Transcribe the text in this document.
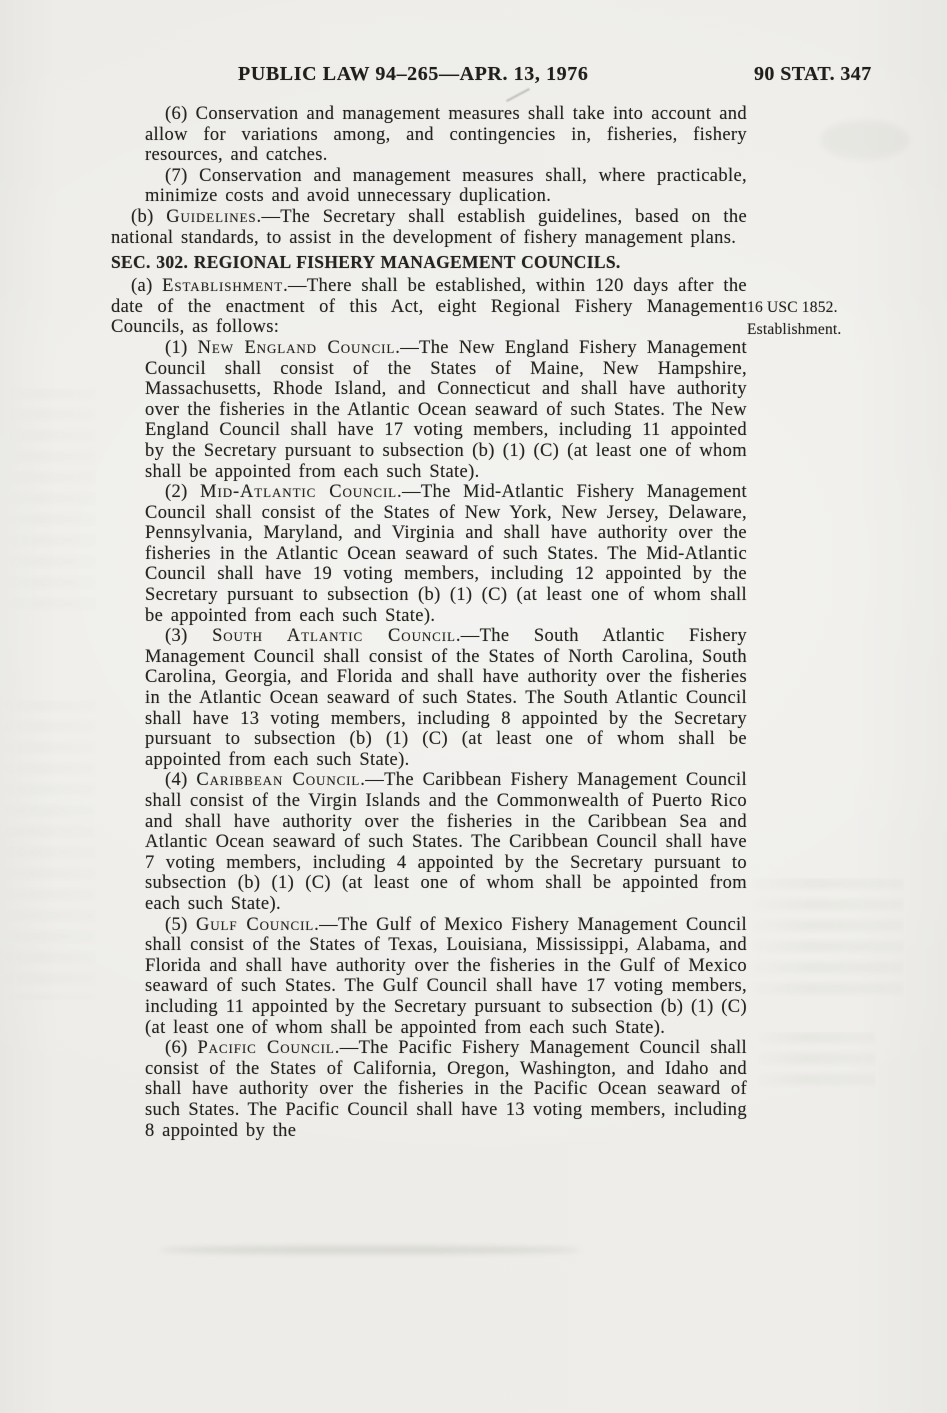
PUBLIC LAW 94–265—APR. 13, 1976	90 STAT. 347

(6) Conservation and management measures shall take into account and allow for variations among, and contingencies in, fisheries, fishery resources, and catches.

(7) Conservation and management measures shall, where practicable, minimize costs and avoid unnecessary duplication.

(b) Guidelines.—The Secretary shall establish guidelines, based on the national standards, to assist in the development of fishery management plans.

SEC. 302. REGIONAL FISHERY MANAGEMENT COUNCILS.

(a) Establishment.—There shall be established, within 120 days after the date of the enactment of this Act, eight Regional Fishery Management Councils, as follows:

(1) New England Council.—The New England Fishery Management Council shall consist of the States of Maine, New Hampshire, Massachusetts, Rhode Island, and Connecticut and shall have authority over the fisheries in the Atlantic Ocean seaward of such States. The New England Council shall have 17 voting members, including 11 appointed by the Secretary pursuant to subsection (b) (1) (C) (at least one of whom shall be appointed from each such State).

(2) Mid-Atlantic Council.—The Mid-Atlantic Fishery Management Council shall consist of the States of New York, New Jersey, Delaware, Pennsylvania, Maryland, and Virginia and shall have authority over the fisheries in the Atlantic Ocean seaward of such States. The Mid-Atlantic Council shall have 19 voting members, including 12 appointed by the Secretary pursuant to subsection (b) (1) (C) (at least one of whom shall be appointed from each such State).

(3) South Atlantic Council.—The South Atlantic Fishery Management Council shall consist of the States of North Carolina, South Carolina, Georgia, and Florida and shall have authority over the fisheries in the Atlantic Ocean seaward of such States. The South Atlantic Council shall have 13 voting members, including 8 appointed by the Secretary pursuant to subsection (b) (1) (C) (at least one of whom shall be appointed from each such State).

(4) Caribbean Council.—The Caribbean Fishery Management Council shall consist of the Virgin Islands and the Commonwealth of Puerto Rico and shall have authority over the fisheries in the Caribbean Sea and Atlantic Ocean seaward of such States. The Caribbean Council shall have 7 voting members, including 4 appointed by the Secretary pursuant to subsection (b) (1) (C) (at least one of whom shall be appointed from each such State).

(5) Gulf Council.—The Gulf of Mexico Fishery Management Council shall consist of the States of Texas, Louisiana, Mississippi, Alabama, and Florida and shall have authority over the fisheries in the Gulf of Mexico seaward of such States. The Gulf Council shall have 17 voting members, including 11 appointed by the Secretary pursuant to subsection (b) (1) (C) (at least one of whom shall be appointed from each such State).

(6) Pacific Council.—The Pacific Fishery Management Council shall consist of the States of California, Oregon, Washington, and Idaho and shall have authority over the fisheries in the Pacific Ocean seaward of such States. The Pacific Council shall have 13 voting members, including 8 appointed by the

16 USC 1852.
Establishment.
